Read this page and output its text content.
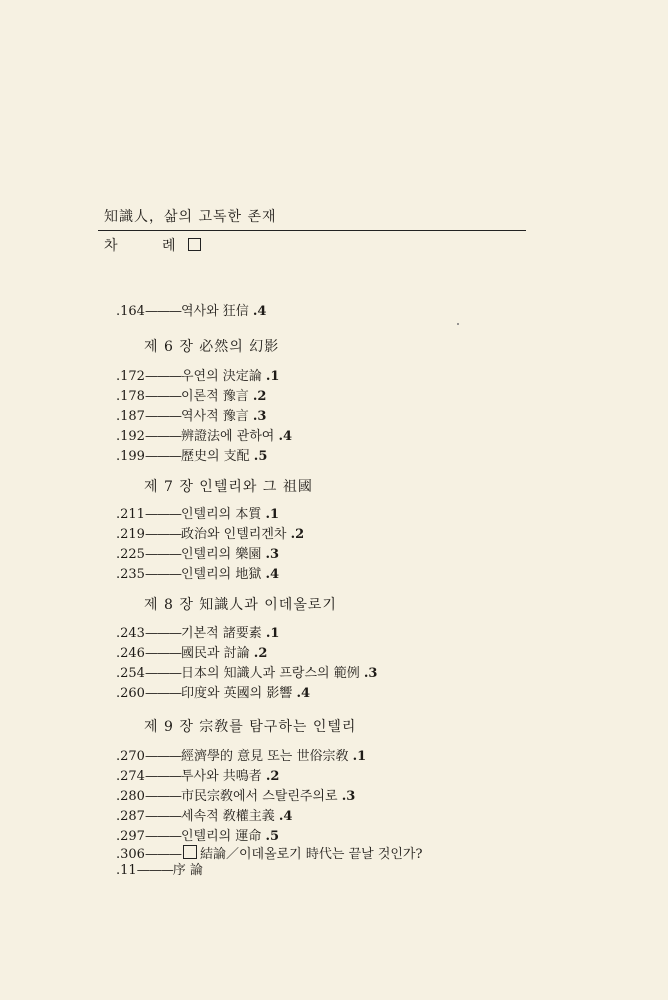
知識人，삶의 고독한 존재
차 례
.164———역사와 狂信 .4
제 6 장 必然의 幻影
.172———우연의 決定論 .1
.178———이론적 豫言 .2
.187———역사적 豫言 .3
.192———辨證法에 관하여 .4
.199———歷史의 支配 .5
제 7 장 인텔리와 그 祖國
.211———인텔리의 本質 .1
.219———政治와 인텔리겐차 .2
.225———인텔리의 樂園 .3
.235———인텔리의 地獄 .4
제 8 장 知識人과 이데올로기
.243———기본적 諸要素 .1
.246———國民과 討論 .2
.254———日本의 知識人과 프랑스의 範例 .3
.260———印度와 英國의 影響 .4
제 9 장 宗敎를 탐구하는 인텔리
.270———經濟學的 意見 또는 世俗宗敎 .1
.274———투사와 共鳴者 .2
.280———市民宗敎에서 스탈린주의로 .3
.287———세속적 敎權主義 .4
.297———인텔리의 運命 .5
.306——— 結論／이데올로기 時代는 끝날 것인가?
.11———序 論
